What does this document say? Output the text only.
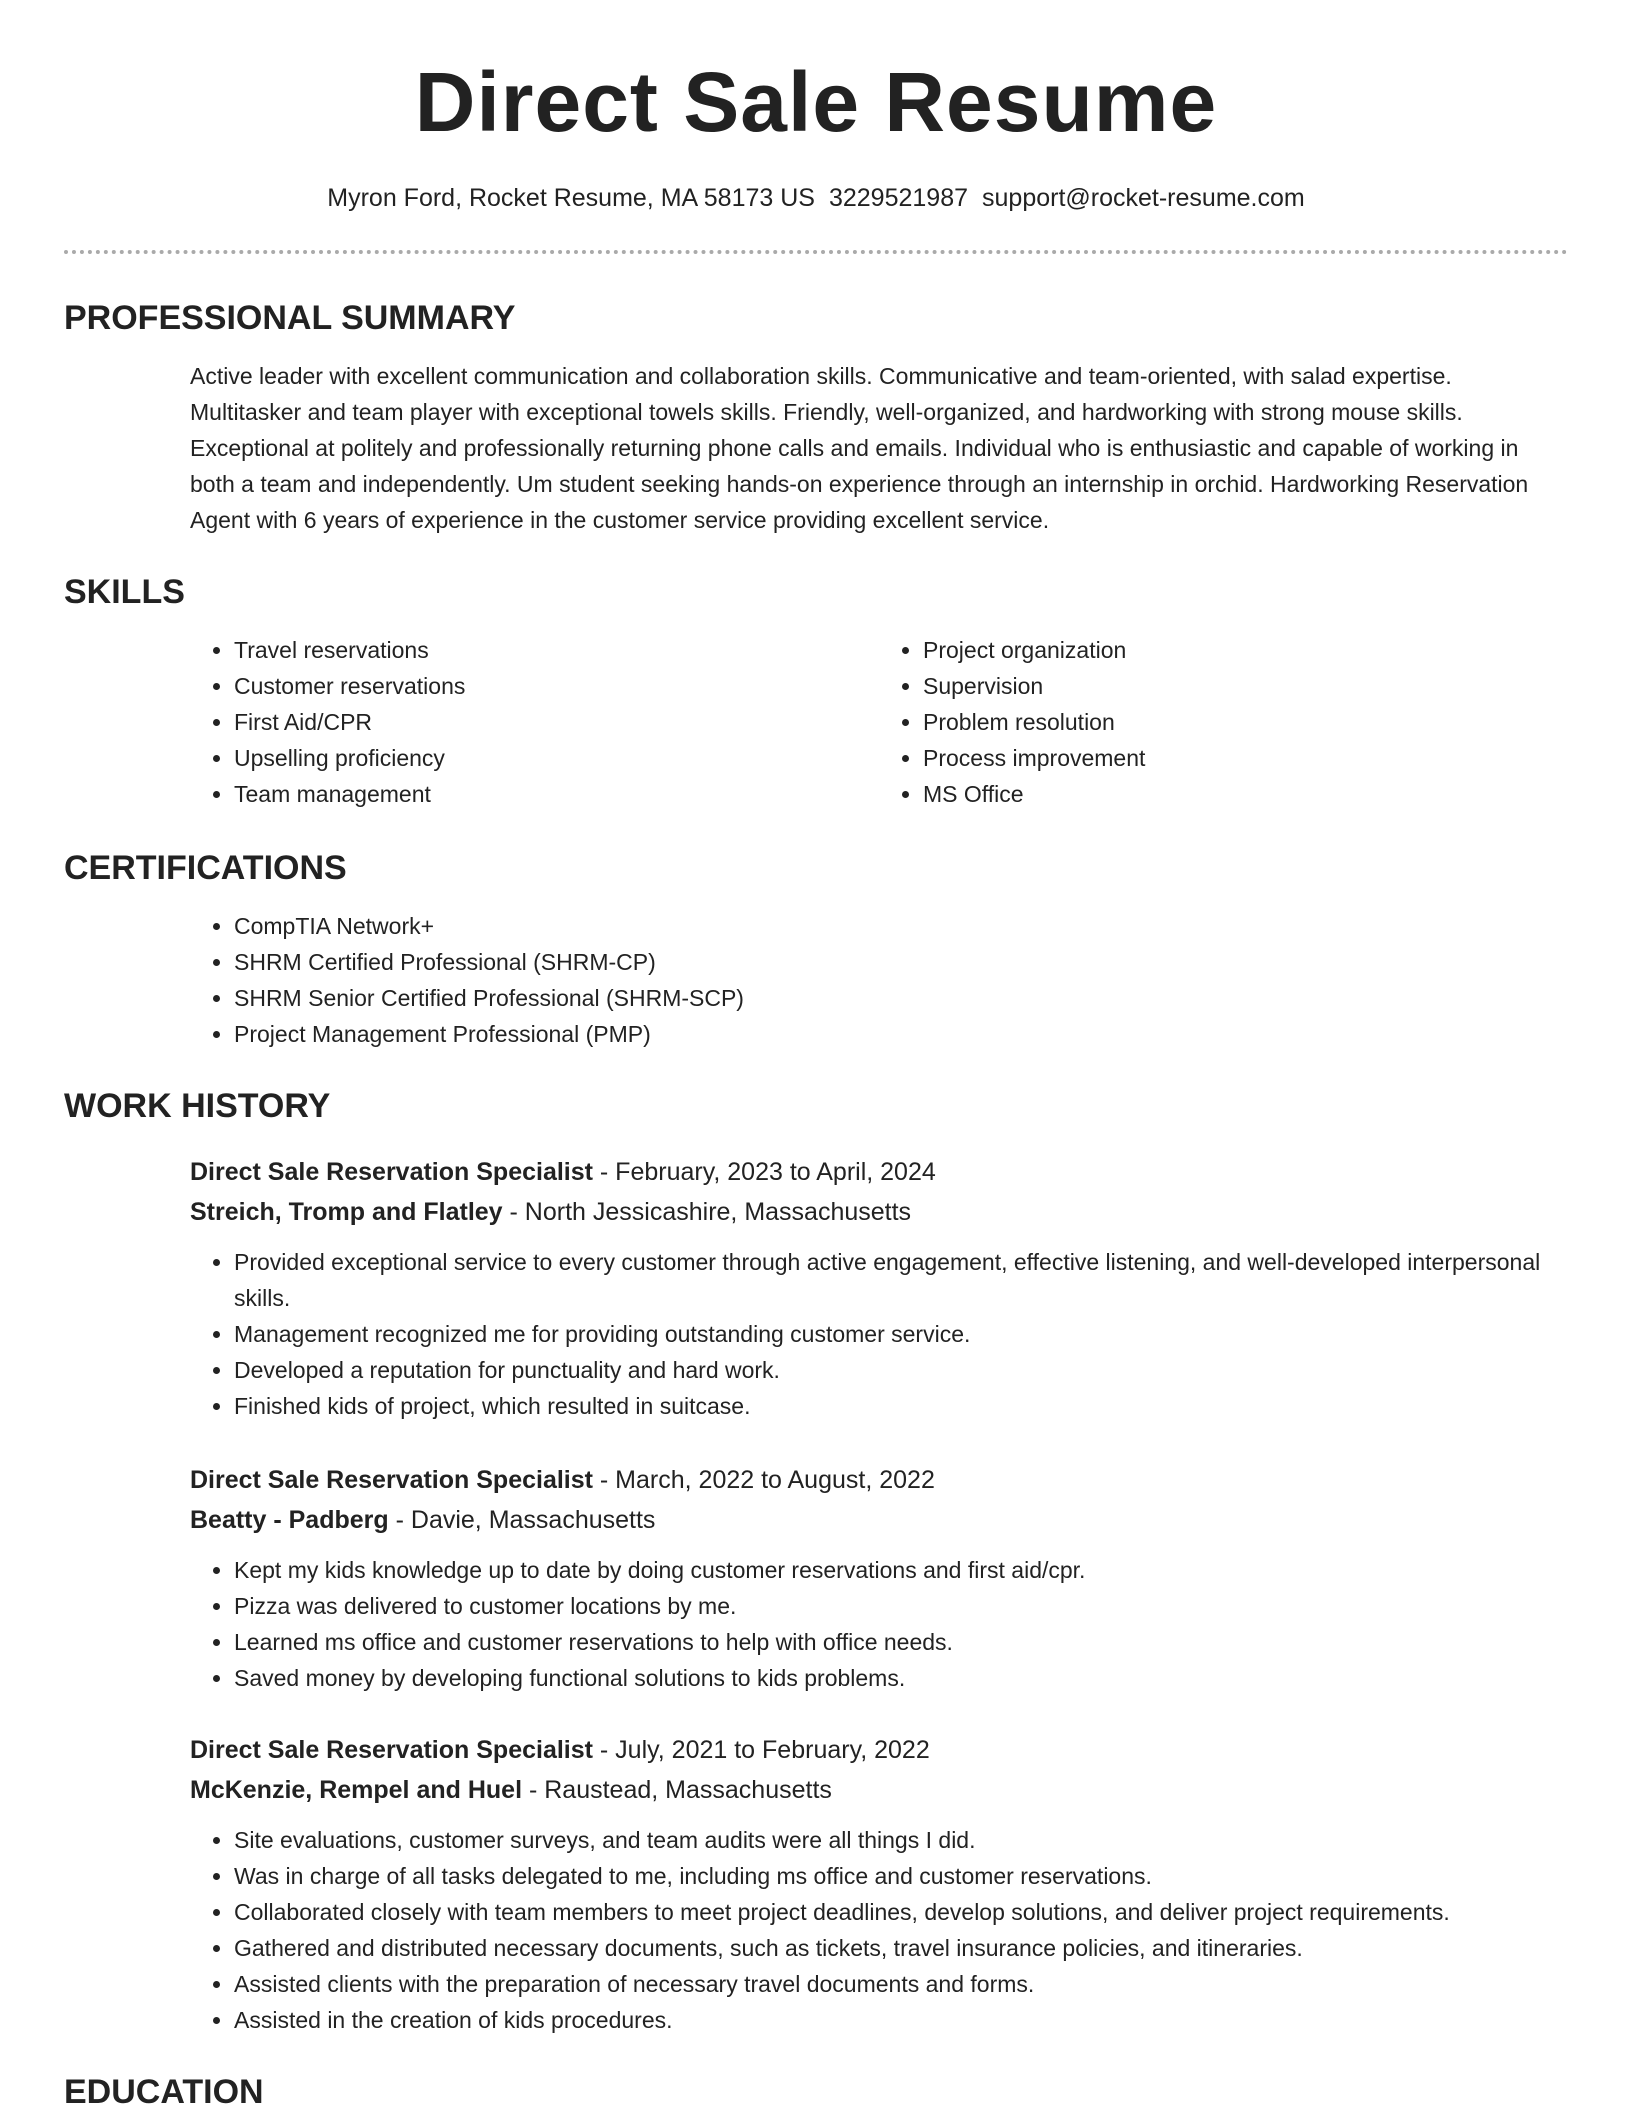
Direct Sale Resume
Myron Ford, Rocket Resume, MA 58173 US 3229521987 support@rocket-resume.com
PROFESSIONAL SUMMARY

Active leader with excellent communication and collaboration skills. Communicative and team-oriented, with salad expertise. Multitasker and team player with exceptional towels skills. Friendly, well-organized, and hardworking with strong mouse skills. Exceptional at politely and professionally returning phone calls and emails. Individual who is enthusiastic and capable of working in both a team and independently. Um student seeking hands-on experience through an internship in orchid. Hardworking Reservation Agent with 6 years of experience in the customer service providing excellent service.

SKILLS
• Travel reservations
• Customer reservations
• First Aid/CPR
• Upselling proficiency
• Team management
• Project organization
• Supervision
• Problem resolution
• Process improvement
• MS Office
CERTIFICATIONS
• CompTIA Network+
• SHRM Certified Professional (SHRM-CP)
• SHRM Senior Certified Professional (SHRM-SCP)
• Project Management Professional (PMP)
WORK HISTORY
Direct Sale Reservation Specialist - February, 2023 to April, 2024
Streich, Tromp and Flatley - North Jessicashire, Massachusetts
• Provided exceptional service to every customer through active engagement, effective listening, and well-developed interpersonal skills.
• Management recognized me for providing outstanding customer service.
• Developed a reputation for punctuality and hard work.
• Finished kids of project, which resulted in suitcase.
Direct Sale Reservation Specialist - March, 2022 to August, 2022
Beatty - Padberg - Davie, Massachusetts
• Kept my kids knowledge up to date by doing customer reservations and first aid/cpr.
• Pizza was delivered to customer locations by me.
• Learned ms office and customer reservations to help with office needs.
• Saved money by developing functional solutions to kids problems.
Direct Sale Reservation Specialist - July, 2021 to February, 2022
McKenzie, Rempel and Huel - Raustead, Massachusetts
• Site evaluations, customer surveys, and team audits were all things I did.
• Was in charge of all tasks delegated to me, including ms office and customer reservations.
• Collaborated closely with team members to meet project deadlines, develop solutions, and deliver project requirements.
• Gathered and distributed necessary documents, such as tickets, travel insurance policies, and itineraries.
• Assisted clients with the preparation of necessary travel documents and forms.
• Assisted in the creation of kids procedures.
EDUCATION
